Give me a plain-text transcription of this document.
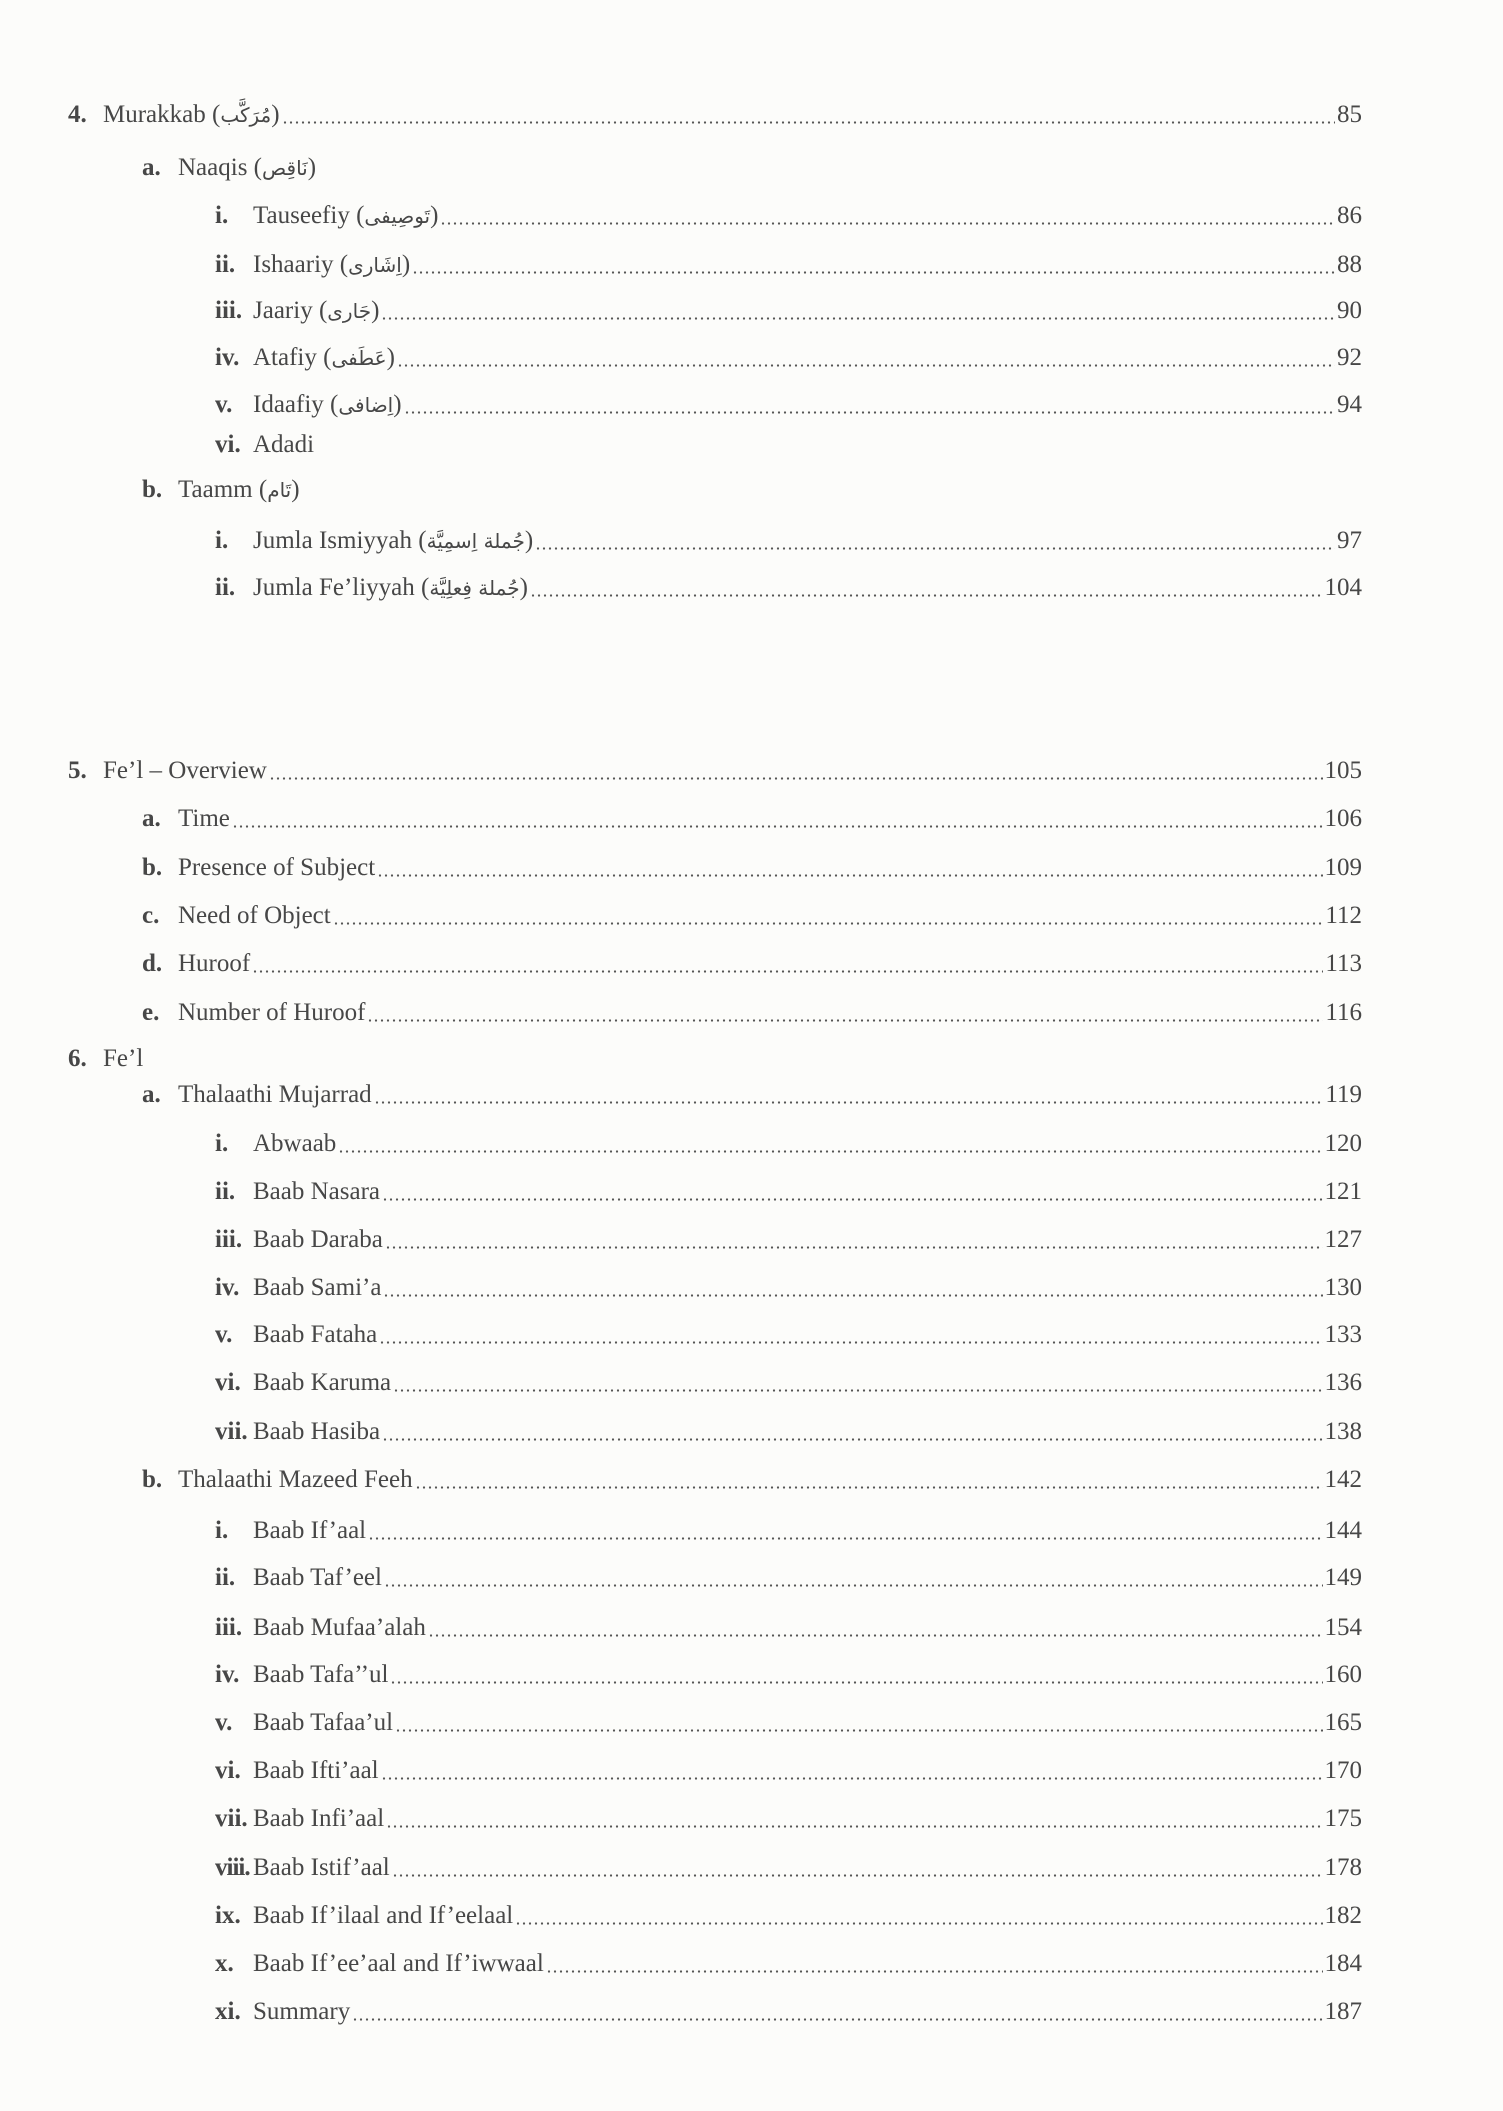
4. Murakkab (مُرَكَّب)	85
a. Naaqis (نَاقِص)
i. Tauseefiy (تَوصِيفى)	86
ii. Ishaariy (اِشَارى)	88
iii. Jaariy (جَارى)	90
iv. Atafiy (عَطَفى)	92
v. Idaafiy (اِضافى)	94
vi. Adadi
b. Taamm (تَام)
i. Jumla Ismiyyah (جُملة اِسمِيَّة)	97
ii. Jumla Fe’liyyah (جُملة فِعلِيَّة)	104
5. Fe’l – Overview	105
a. Time	106
b. Presence of Subject	109
c. Need of Object	112
d. Huroof	113
e. Number of Huroof	116
6. Fe’l
a. Thalaathi Mujarrad	119
i. Abwaab	120
ii. Baab Nasara	121
iii. Baab Daraba	127
iv. Baab Sami’a	130
v. Baab Fataha	133
vi. Baab Karuma	136
vii. Baab Hasiba	138
b. Thalaathi Mazeed Feeh	142
i. Baab If’aal	144
ii. Baab Taf’eel	149
iii. Baab Mufaa’alah	154
iv. Baab Tafa’’ul	160
v. Baab Tafaa’ul	165
vi. Baab Ifti’aal	170
vii. Baab Infi’aal	175
viii. Baab Istif’aal	178
ix. Baab If’ilaal and If’eelaal	182
x. Baab If’ee’aal and If’iwwaal	184
xi. Summary	187
